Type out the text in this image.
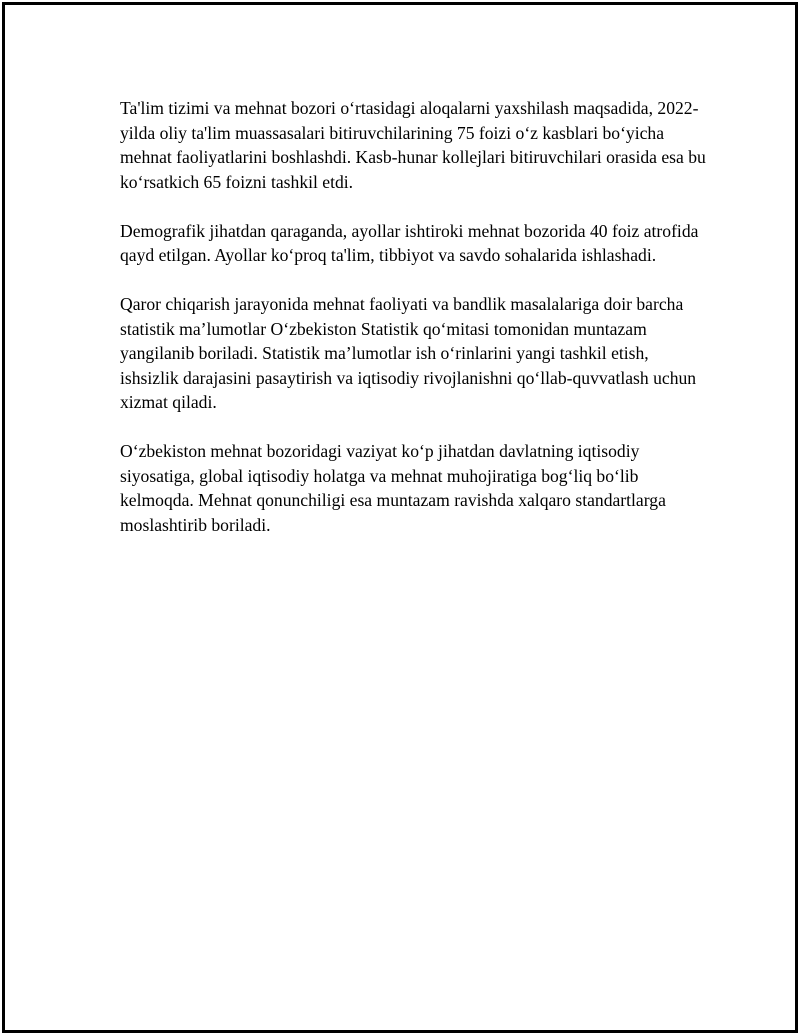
Ta'lim tizimi va mehnat bozori o‘rtasidagi aloqalarni yaxshilash maqsadida, 2022-yilda oliy ta'lim muassasalari bitiruvchilarining 75 foizi o‘z kasblari bo‘yicha mehnat faoliyatlarini boshlashdi. Kasb-hunar kollejlari bitiruvchilari orasida esa bu ko‘rsatkich 65 foizni tashkil etdi.

Demografik jihatdan qaraganda, ayollar ishtiroki mehnat bozorida 40 foiz atrofida qayd etilgan. Ayollar ko‘proq ta'lim, tibbiyot va savdo sohalarida ishlashadi.

Qaror chiqarish jarayonida mehnat faoliyati va bandlik masalalariga doir barcha statistik ma’lumotlar O‘zbekiston Statistik qo‘mitasi tomonidan muntazam yangilanib boriladi. Statistik ma’lumotlar ish o‘rinlarini yangi tashkil etish, ishsizlik darajasini pasaytirish va iqtisodiy rivojlanishni qo‘llab-quvvatlash uchun xizmat qiladi.

O‘zbekiston mehnat bozoridagi vaziyat ko‘p jihatdan davlatning iqtisodiy siyosatiga, global iqtisodiy holatga va mehnat muhojiratiga bog‘liq bo‘lib kelmoqda. Mehnat qonunchiligi esa muntazam ravishda xalqaro standartlarga moslashtirib boriladi.
